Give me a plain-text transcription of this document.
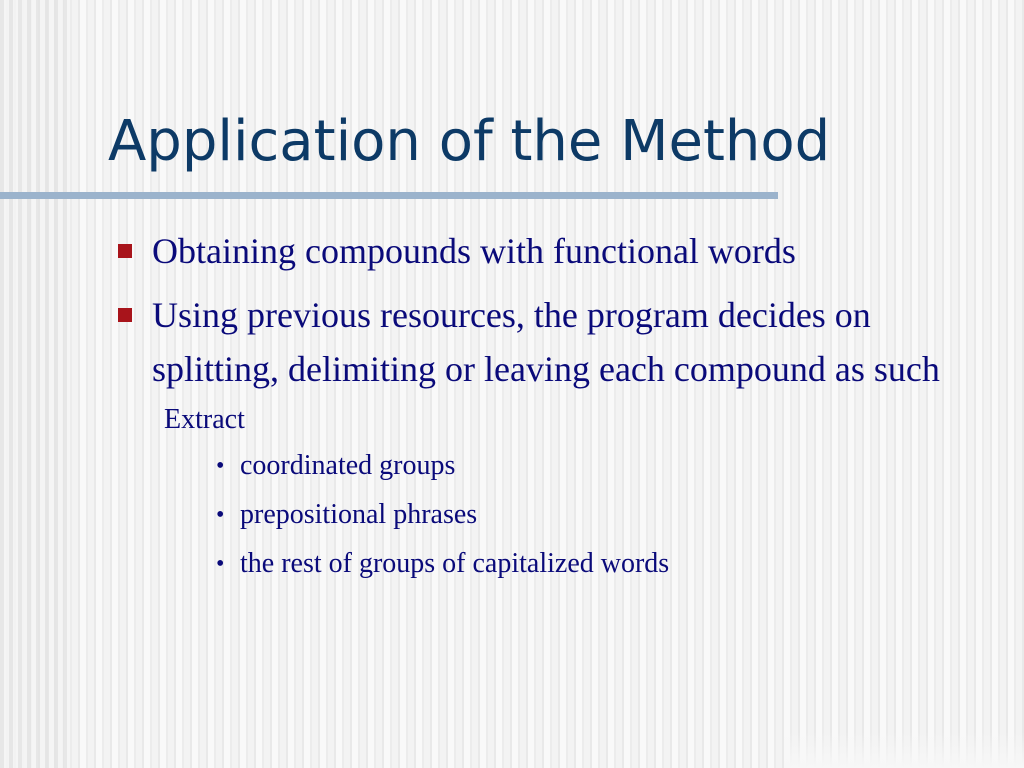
Application of the Method
Obtaining compounds with functional words
Using previous resources, the program decides on splitting, delimiting or leaving each compound as such
Extract
• coordinated groups
• prepositional phrases
• the rest of groups of capitalized words
